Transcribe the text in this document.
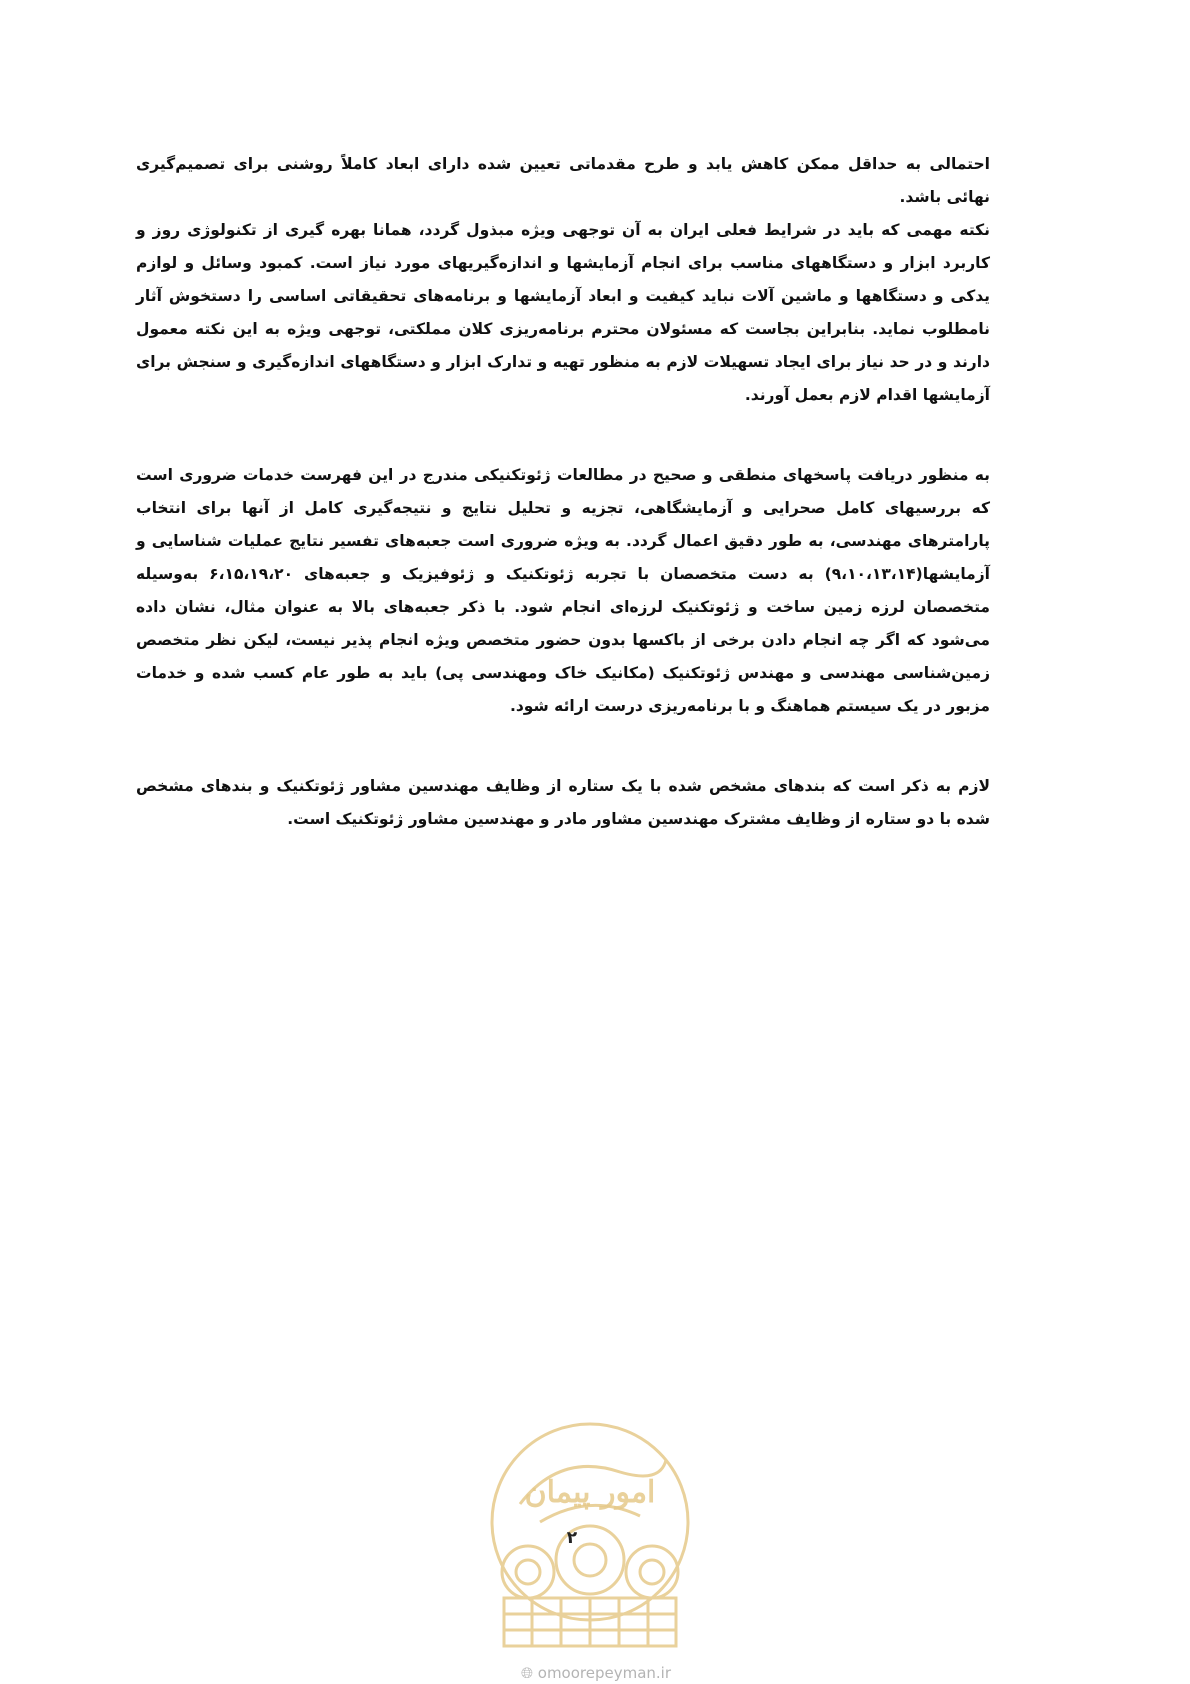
احتمالی به حداقل ممکن کاهش یابد و طرح مقدماتی تعیین شده دارای ابعاد کاملاً روشنی برای تصمیم‌گیری نهائی باشد.

نکته مهمی که باید در شرایط فعلی ایران به آن توجهی ویژه مبذول گردد، همانا بهره گیری از تکنولوژی روز و کاربرد ابزار و دستگاههای مناسب برای انجام آزمایشها و اندازه‌گیریهای مورد نیاز است. کمبود وسائل و لوازم یدکی و دستگاهها و ماشین آلات نباید کیفیت و ابعاد آزمایشها و برنامه‌های تحقیقاتی اساسی را دستخوش آثار نامطلوب نماید. بنابراین بجاست که مسئولان محترم برنامه‌ریزی کلان مملکتی، توجهی ویژه به این نکته معمول دارند و در حد نیاز برای ایجاد تسهیلات لازم به منظور تهیه و تدارک ابزار و دستگاههای اندازه‌گیری و سنجش برای آزمایشها اقدام لازم بعمل آورند.

به منظور دریافت پاسخهای منطقی و صحیح در مطالعات ژئوتکنیکی مندرج در این فهرست خدمات ضروری است که بررسیهای کامل صحرایی و آزمایشگاهی، تجزیه و تحلیل نتایج و نتیجه‌گیری کامل از آنها برای انتخاب پارامترهای مهندسی، به طور دقیق اعمال گردد. به ویژه ضروری است جعبه‌های تفسیر نتایج عملیات شناسایی و آزمایشها(۹،۱۰،۱۳،۱۴) به دست متخصصان با تجربه ژئوتکنیک و ژئوفیزیک و جعبه‌های ۶،۱۵،۱۹،۲۰ به‌وسیله متخصصان لرزه زمین ساخت و ژئوتکنیک لرزه‌ای انجام شود. با ذکر جعبه‌های بالا به عنوان مثال، نشان داده می‌شود که اگر چه انجام دادن برخی از باکسها بدون حضور متخصص ویژه انجام پذیر نیست، لیکن نظر متخصص زمین‌شناسی مهندسی و مهندس ژئوتکنیک (مکانیک خاک ومهندسی پی) باید به طور عام کسب شده و خدمات مزبور در یک سیستم هماهنگ و با برنامه‌ریزی درست ارائه شود.

لازم به ذکر است که بندهای مشخص شده با یک ستاره از وظایف مهندسین مشاور ژئوتکنیک و بندهای مشخص شده با دو ستاره از وظایف مشترک مهندسین مشاور مادر و مهندسین مشاور ژئوتکنیک است.

امور پیمان
۲
🌐︎ omoorepeyman.ir
